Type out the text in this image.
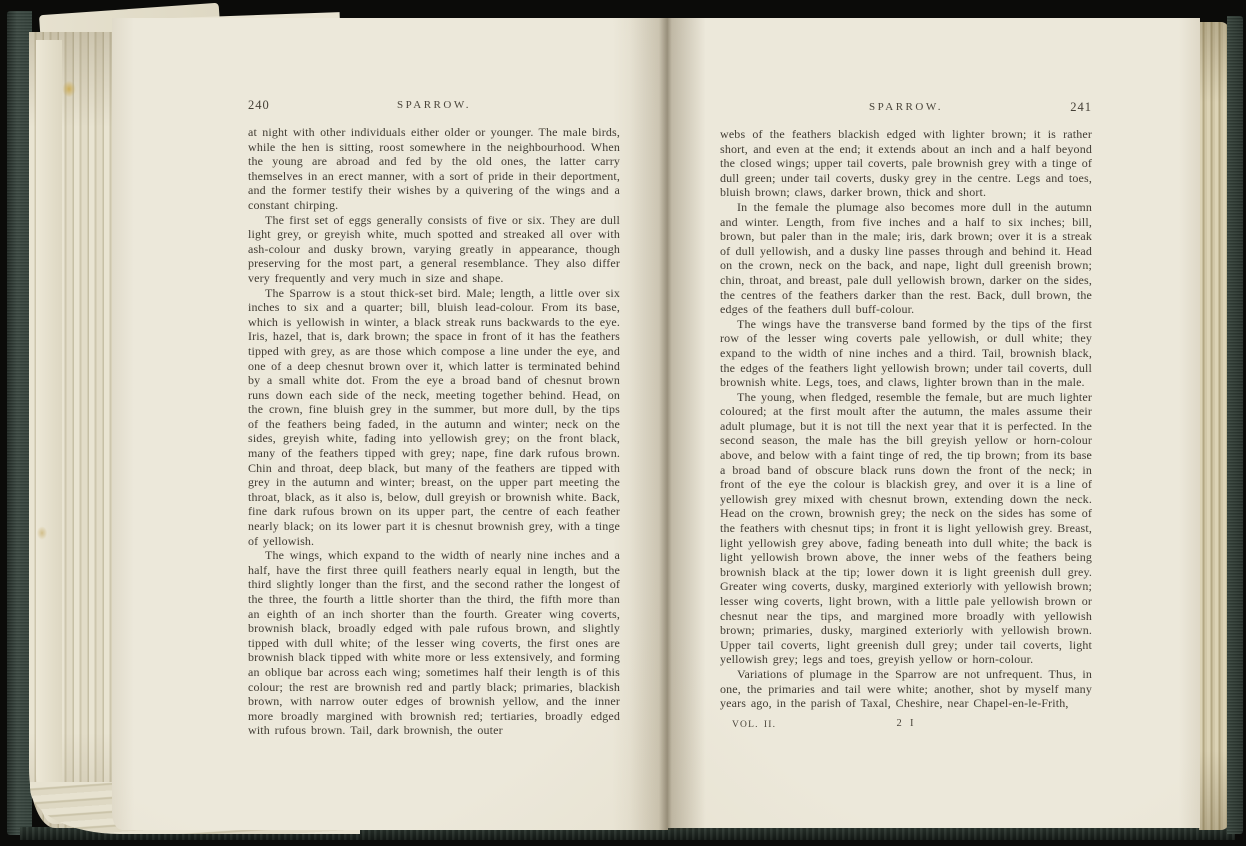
240	SPARROW.

at night with other individuals either older or younger. The male birds, while the hen is sitting, roost somewhere in the neighbourhood. When the young are abroad and fed by the old ones, the latter carry themselves in an erect manner, with a sort of pride in their deportment, and the former testify their wishes by a quivering of the wings and a constant chirping.

The first set of eggs generally consists of five or six. They are dull light grey, or greyish white, much spotted and streaked all over with ash-colour and dusky brown, varying greatly in appearance, though preserving for the most part, a general resemblance. They also differ very frequently and very much in size and shape.

The Sparrow is a stout thick-set bird. Male; length, a little over six inches to six and a quarter; bill, bluish lead-colour. From its base, which is yellowish in winter, a black streak runs backwards to the eye. Iris, hazel, that is, dark brown; the space in front of it has the feathers tipped with grey, as are those which compose a line under the eye, and one of a deep chesnut brown over it, which latter is terminated behind by a small white dot. From the eye a broad band of chesnut brown runs down each side of the neck, meeting together behind. Head, on the crown, fine bluish grey in the summer, but more dull, by the tips of the feathers being faded, in the autumn and winter; neck on the sides, greyish white, fading into yellowish grey; on the front black, many of the feathers tipped with grey; nape, fine dark rufous brown. Chin and throat, deep black, but many of the feathers are tipped with grey in the autumn and winter; breast, on the upper part meeting the throat, black, as it also is, below, dull greyish or brownish white. Back, fine dark rufous brown on its upper part, the centre of each feather nearly black; on its lower part it is chesnut brownish grey, with a tinge of yellowish.

The wings, which expand to the width of nearly nine inches and a half, have the first three quill feathers nearly equal in length, but the third slightly longer than the first, and the second rather the longest of the three, the fourth a little shorter than the third, the fifth more than an eighth of an inch shorter than the fourth. Greater wing coverts, brownish black, broadly edged with pale rufous brown, and slightly tipped with dull white; of the lesser wing coverts, the first ones are brownish black tipped with white more or less extensively, and forming an oblique bar across each wing; sometimes half their length is of this colour; the rest are brownish red and partly black; primaries, blackish brown, with narrow outer edges of brownish yellow, and the inner more broadly margined with brownish red; tertiaries, broadly edged with rufous brown. Tail, dark brownish, the outer

SPARROW.	241

webs of the feathers blackish edged with lighter brown; it is rather short, and even at the end; it extends about an inch and a half beyond the closed wings; upper tail coverts, pale brownish grey with a tinge of dull green; under tail coverts, dusky grey in the centre. Legs and toes, bluish brown; claws, darker brown, thick and short.

In the female the plumage also becomes more dull in the autumn and winter. Length, from five inches and a half to six inches; bill, brown, but paler than in the male; iris, dark brown; over it is a streak of dull yellowish, and a dusky line passes through and behind it. Head on the crown, neck on the back, and nape, light dull greenish brown; chin, throat, and breast, pale dull yellowish brown, darker on the sides, the centres of the feathers darker than the rest. Back, dull brown, the edges of the feathers dull buff-colour.

The wings have the transverse band formed by the tips of the first row of the lesser wing coverts pale yellowish, or dull white; they expand to the width of nine inches and a third. Tail, brownish black, the edges of the feathers light yellowish brown; under tail coverts, dull brownish white. Legs, toes, and claws, lighter brown than in the male.

The young, when fledged, resemble the female, but are much lighter coloured; at the first moult after the autumn, the males assume their adult plumage, but it is not till the next year that it is perfected. In the second season, the male has the bill greyish yellow or horn-colour above, and below with a faint tinge of red, the tip brown; from its base a broad band of obscure black runs down the front of the neck; in front of the eye the colour is blackish grey, and over it is a line of yellowish grey mixed with chesnut brown, extending down the neck. Head on the crown, brownish grey; the neck on the sides has some of the feathers with chesnut tips; in front it is light yellowish grey. Breast, light yellowish grey above, fading beneath into dull white; the back is light yellowish brown above, the inner webs of the feathers being brownish black at the tip; lower down it is light greenish dull grey. Greater wing coverts, dusky, margined exteriorly with yellowish brown; lesser wing coverts, light brown, with a little pale yellowish brown or chesnut near the tips, and margined more broadly with yellowish brown; primaries, dusky, margined exteriorly with yellowish brown. Upper tail coverts, light greenish dull grey; under tail coverts, light yellowish grey; legs and toes, greyish yellow or horn-colour.

Variations of plumage in the Sparrow are not unfrequent. Thus, in one, the primaries and tail were white; another, shot by myself many years ago, in the parish of Taxal, Cheshire, near Chapel-en-le-Frith,

VOL. II.	2 I
